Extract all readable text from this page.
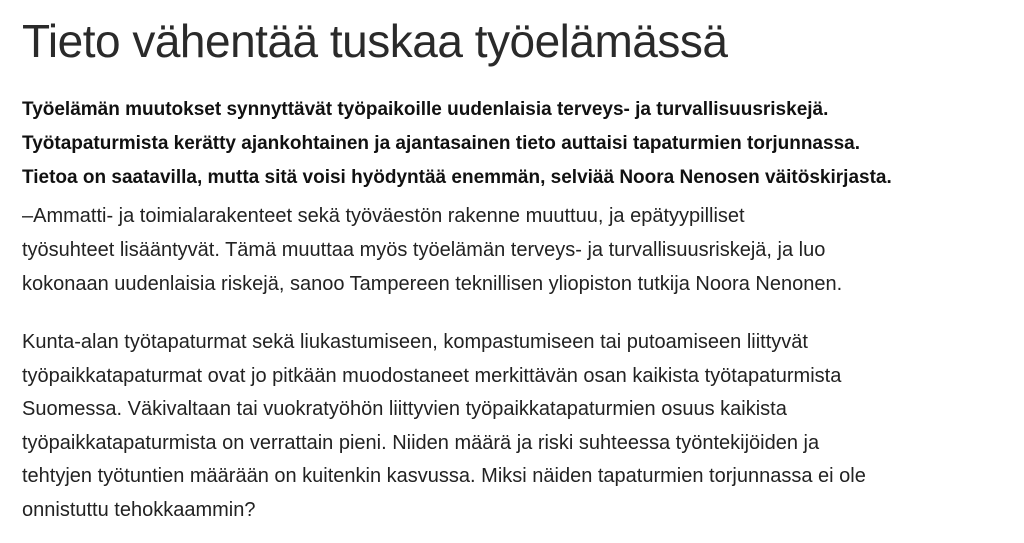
Tieto vähentää tuskaa työelämässä

Työelämän muutokset synnyttävät työpaikoille uudenlaisia terveys- ja turvallisuusriskejä.
Työtapaturmista kerätty ajankohtainen ja ajantasainen tieto auttaisi tapaturmien torjunnassa.
Tietoa on saatavilla, mutta sitä voisi hyödyntää enemmän, selviää Noora Nenosen väitöskirjasta.

–Ammatti- ja toimialarakenteet sekä työväestön rakenne muuttuu, ja epätyypilliset
työsuhteet lisääntyvät. Tämä muuttaa myös työelämän terveys- ja turvallisuusriskejä, ja luo
kokonaan uudenlaisia riskejä, sanoo Tampereen teknillisen yliopiston tutkija Noora Nenonen.

Kunta-alan työtapaturmat sekä liukastumiseen, kompastumiseen tai putoamiseen liittyvät
työpaikkatapaturmat ovat jo pitkään muodostaneet merkittävän osan kaikista työtapaturmista
Suomessa. Väkivaltaan tai vuokratyöhön liittyvien työpaikkatapaturmien osuus kaikista
työpaikkatapaturmista on verrattain pieni. Niiden määrä ja riski suhteessa työntekijöiden ja
tehtyjen työtuntien määrään on kuitenkin kasvussa. Miksi näiden tapaturmien torjunnassa ei ole
onnistuttu tehokkaammin?
